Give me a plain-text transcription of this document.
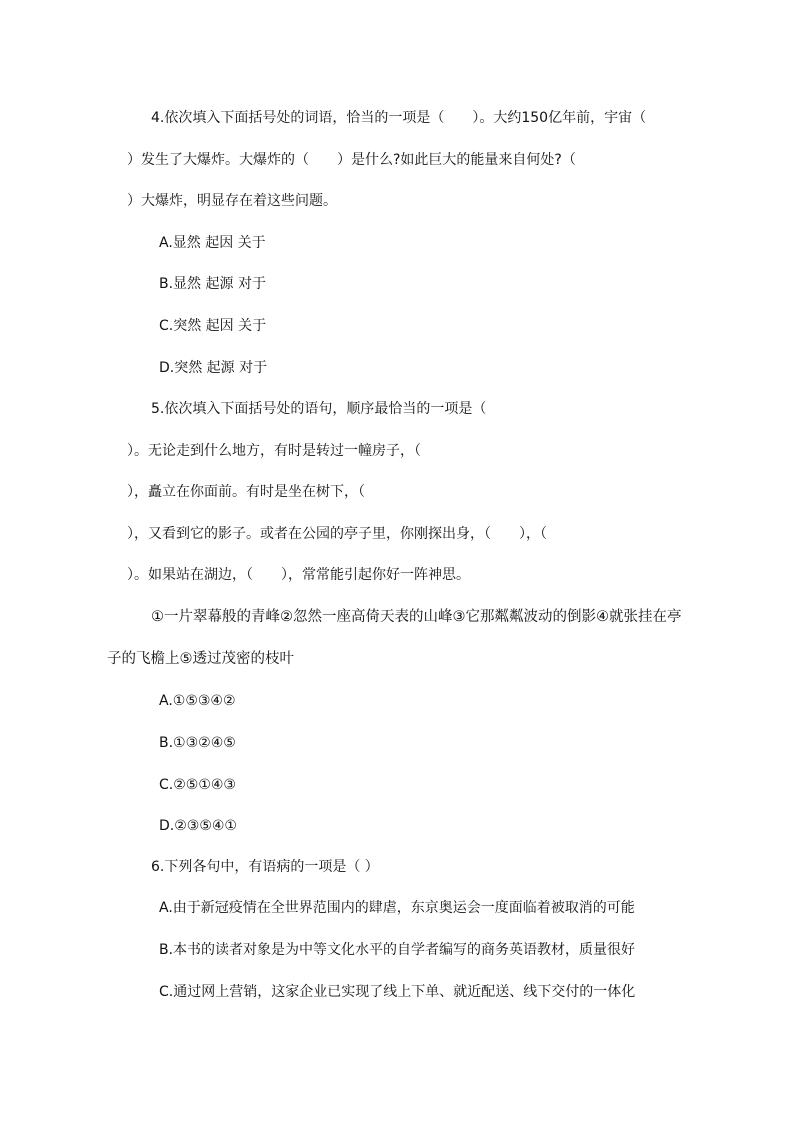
4.依次填入下面括号处的词语，恰当的一项是（　　）。大约150亿年前，宇宙（
）发生了大爆炸。大爆炸的（　　）是什么?如此巨大的能量来自何处?（
）大爆炸，明显存在着这些问题。
A.显然 起因 关于
B.显然 起源 对于
C.突然 起因 关于
D.突然 起源 对于
5.依次填入下面括号处的语句，顺序最恰当的一项是（
）。无论走到什么地方，有时是转过一幢房子，（
），矗立在你面前。有时是坐在树下，（
），又看到它的影子。或者在公园的亭子里，你刚探出身，（　　），（
）。如果站在湖边，（　　），常常能引起你好一阵神思。
①一片翠幕般的青峰②忽然一座高倚天表的山峰③它那粼粼波动的倒影④就张挂在亭
子的飞檐上⑤透过茂密的枝叶
A.①⑤③④②
B.①③②④⑤
C.②⑤①④③
D.②③⑤④①
6.下列各句中，有语病的一项是（ ）
A.由于新冠疫情在全世界范围内的肆虐，东京奥运会一度面临着被取消的可能
B.本书的读者对象是为中等文化水平的自学者编写的商务英语教材，质量很好
C.通过网上营销，这家企业已实现了线上下单、就近配送、线下交付的一体化
